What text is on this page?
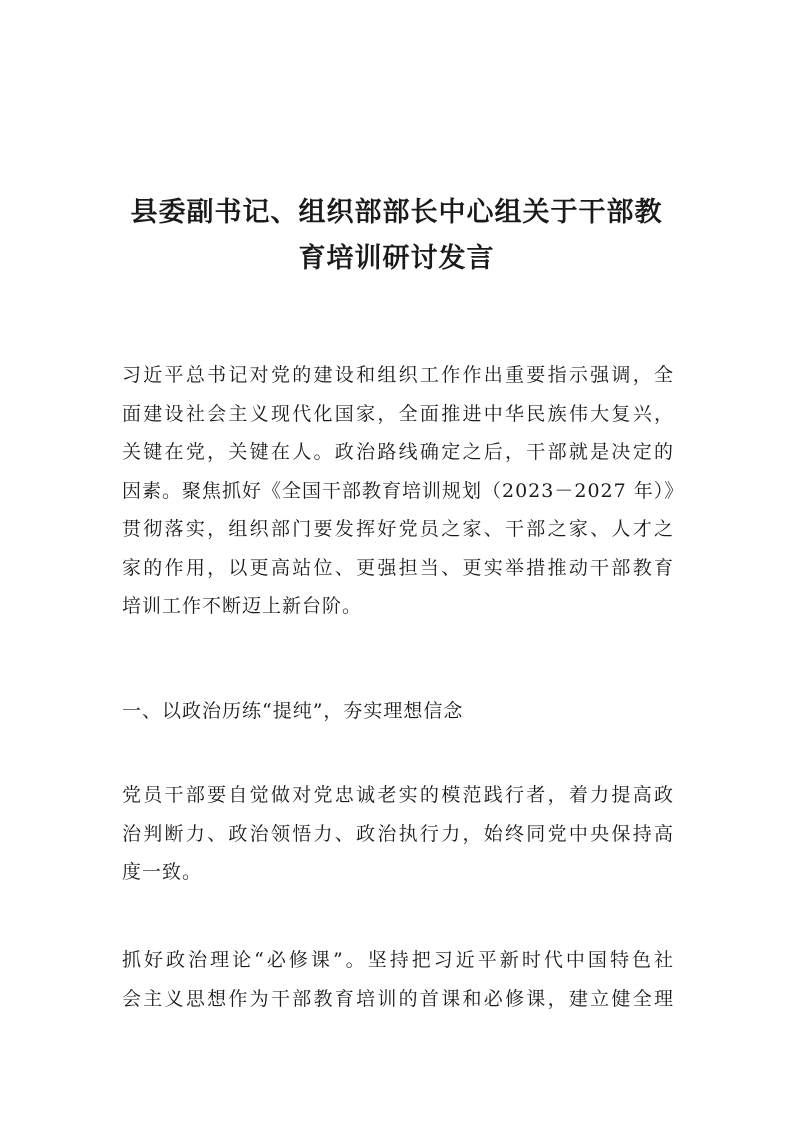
县委副书记、组织部部长中心组关于干部教
育培训研讨发言
习近平总书记对党的建设和组织工作作出重要指示强调，全
面建设社会主义现代化国家，全面推进中华民族伟大复兴，
关键在党，关键在人。政治路线确定之后，干部就是决定的
因素。聚焦抓好《全国干部教育培训规划（2023－2027 年）》
贯彻落实，组织部门要发挥好党员之家、干部之家、人才之
家的作用，以更高站位、更强担当、更实举措推动干部教育
培训工作不断迈上新台阶。
一、以政治历练“提纯”，夯实理想信念
党员干部要自觉做对党忠诚老实的模范践行者，着力提高政
治判断力、政治领悟力、政治执行力，始终同党中央保持高
度一致。
抓好政治理论“必修课”。坚持把习近平新时代中国特色社
会主义思想作为干部教育培训的首课和必修课，建立健全理
